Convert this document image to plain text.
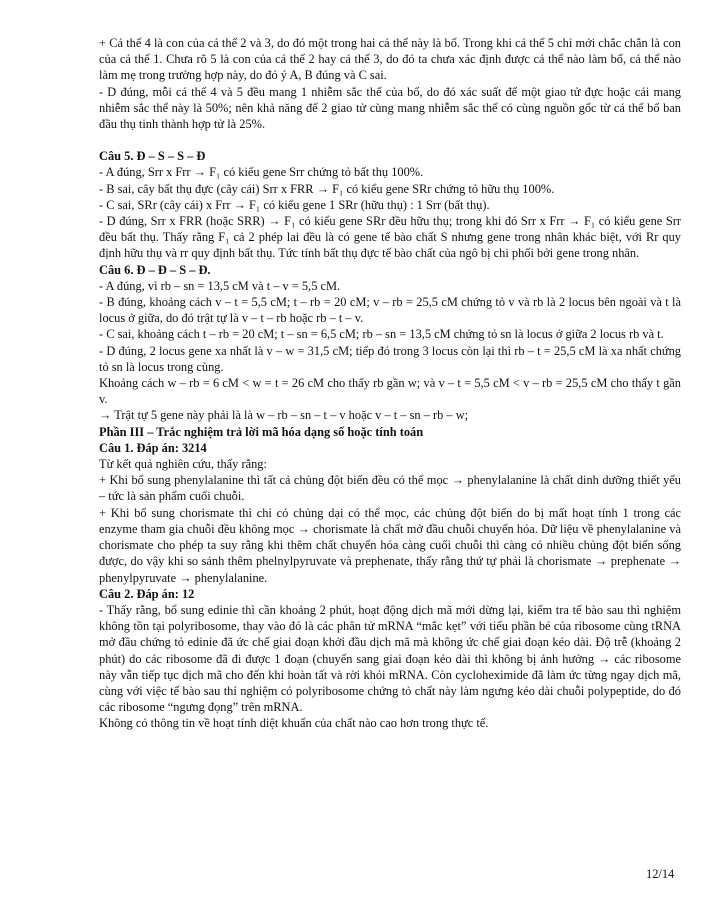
+ Cá thể 4 là con của cá thể 2 và 3, do đó một trong hai cá thể này là bố. Trong khi cá thể 5 chỉ mới chắc chắn là con của cá thể 1. Chưa rõ 5 là con của cá thể 2 hay cá thể 3, do đó ta chưa xác định được cá thể nào làm bố, cá thể nào làm mẹ trong trường hợp này, do đó ý A, B đúng và C sai.
- D đúng, mỗi cá thể 4 và 5 đều mang 1 nhiễm sắc thể của bố, do đó xác suất để một giao tử đực hoặc cái mang nhiễm sắc thể này là 50%; nên khả năng để 2 giao tử cùng mang nhiễm sắc thể có cùng nguồn gốc từ cá thể bố ban đầu thụ tinh thành hợp tử là 25%.
Câu 5. Đ – S – S – Đ
- A đúng, Srr x Frr → F₁ có kiểu gene Srr chứng tỏ bất thụ 100%.
- B sai, cây bất thụ đực (cây cái) Srr x FRR → F₁ có kiểu gene SRr chứng tỏ hữu thụ 100%.
- C sai, SRr (cây cái) x Frr → F₁ có kiểu gene 1 SRr (hữu thụ) : 1 Srr (bất thụ).
- D đúng, Srr x FRR (hoặc SRR) → F₁ có kiểu gene SRr đều hữu thụ; trong khi đó Srr x Frr → F₁ có kiểu gene Srr đều bất thụ. Thấy rằng F₁ cả 2 phép lai đều là có gene tế bào chất S nhưng gene trong nhân khác biệt, với Rr quy định hữu thụ và rr quy định bất thụ. Tức tính bất thụ đực tế bào chất của ngô bị chi phối bởi gene trong nhân.
Câu 6. Đ – Đ – S – Đ.
- A đúng, vì rb – sn = 13,5 cM và t – v = 5,5 cM.
- B đúng, khoảng cách v – t = 5,5 cM; t – rb = 20 cM; v – rb = 25,5 cM chứng tỏ v và rb là 2 locus bên ngoài và t là locus ở giữa, do đó trật tự là v – t – rb hoặc rb – t – v.
- C sai, khoảng cách t – rb = 20 cM; t – sn = 6,5 cM; rb – sn = 13,5 cM chứng tỏ sn là locus ở giữa 2 locus rb và t.
- D đúng, 2 locus gene xa nhất là v – w = 31,5 cM; tiếp đó trong 3 locus còn lại thì rb – t = 25,5 cM là xa nhất chứng tỏ sn là locus trong cùng.
Khoảng cách w – rb = 6 cM < w = t = 26 cM cho thấy rb gần w; và v – t = 5,5 cM < v – rb = 25,5 cM cho thấy t gần v.
→ Trật tự 5 gene này phải là là w – rb – sn – t – v hoặc v – t – sn – rb – w;
Phần III – Trắc nghiệm trả lời mã hóa dạng số hoặc tính toán
Câu 1. Đáp án: 3214
Từ kết quả nghiên cứu, thấy rằng:
+ Khi bổ sung phenylalanine thì tất cả chủng đột biến đều có thể mọc → phenylalanine là chất dinh dưỡng thiết yếu – tức là sản phẩm cuối chuỗi.
+ Khi bổ sung chorismate thì chỉ có chủng dại có thể mọc, các chủng đột biến do bị mất hoạt tính 1 trong các enzyme tham gia chuỗi đều không mọc → chorismate là chất mở đầu chuỗi chuyển hóa. Dữ liệu về phenylalanine và chorismate cho phép ta suy rằng khi thêm chất chuyển hóa càng cuối chuỗi thì càng có nhiều chủng đột biến sống được, do vậy khi so sánh thêm phelnylpyruvate và prephenate, thấy rằng thứ tự phải là chorismate → prephenate → phenylpyruvate → phenylalanine.
Câu 2. Đáp án: 12
- Thấy rằng, bổ sung edinie thì cần khoảng 2 phút, hoạt động dịch mã mới dừng lại, kiểm tra tế bào sau thì nghiệm không tồn tại polyribosome, thay vào đó là các phân tử mRNA “mắc kẹt” với tiểu phần bé của ribosome cùng tRNA mở đầu chứng tỏ edinie đã ức chế giai đoạn khởi đầu dịch mã mà không ức chế giai đoạn kéo dài. Độ trễ (khoảng 2 phút) do các ribosome đã đi được 1 đoạn (chuyển sang giai đoạn kéo dài thì không bị ảnh hưởng → các ribosome này vẫn tiếp tục dịch mã cho đến khi hoàn tất và rời khỏi mRNA. Còn cycloheximide đã làm ức từng ngay dịch mã, cùng với việc tế bào sau thí nghiệm có polyribosome chứng tỏ chất này làm ngưng kéo dài chuỗi polypeptide, do đó các ribosome “ngưng đọng” trên mRNA.
Không có thông tin về hoạt tính diệt khuẩn của chất nào cao hơn trong thực tế.
12/14
